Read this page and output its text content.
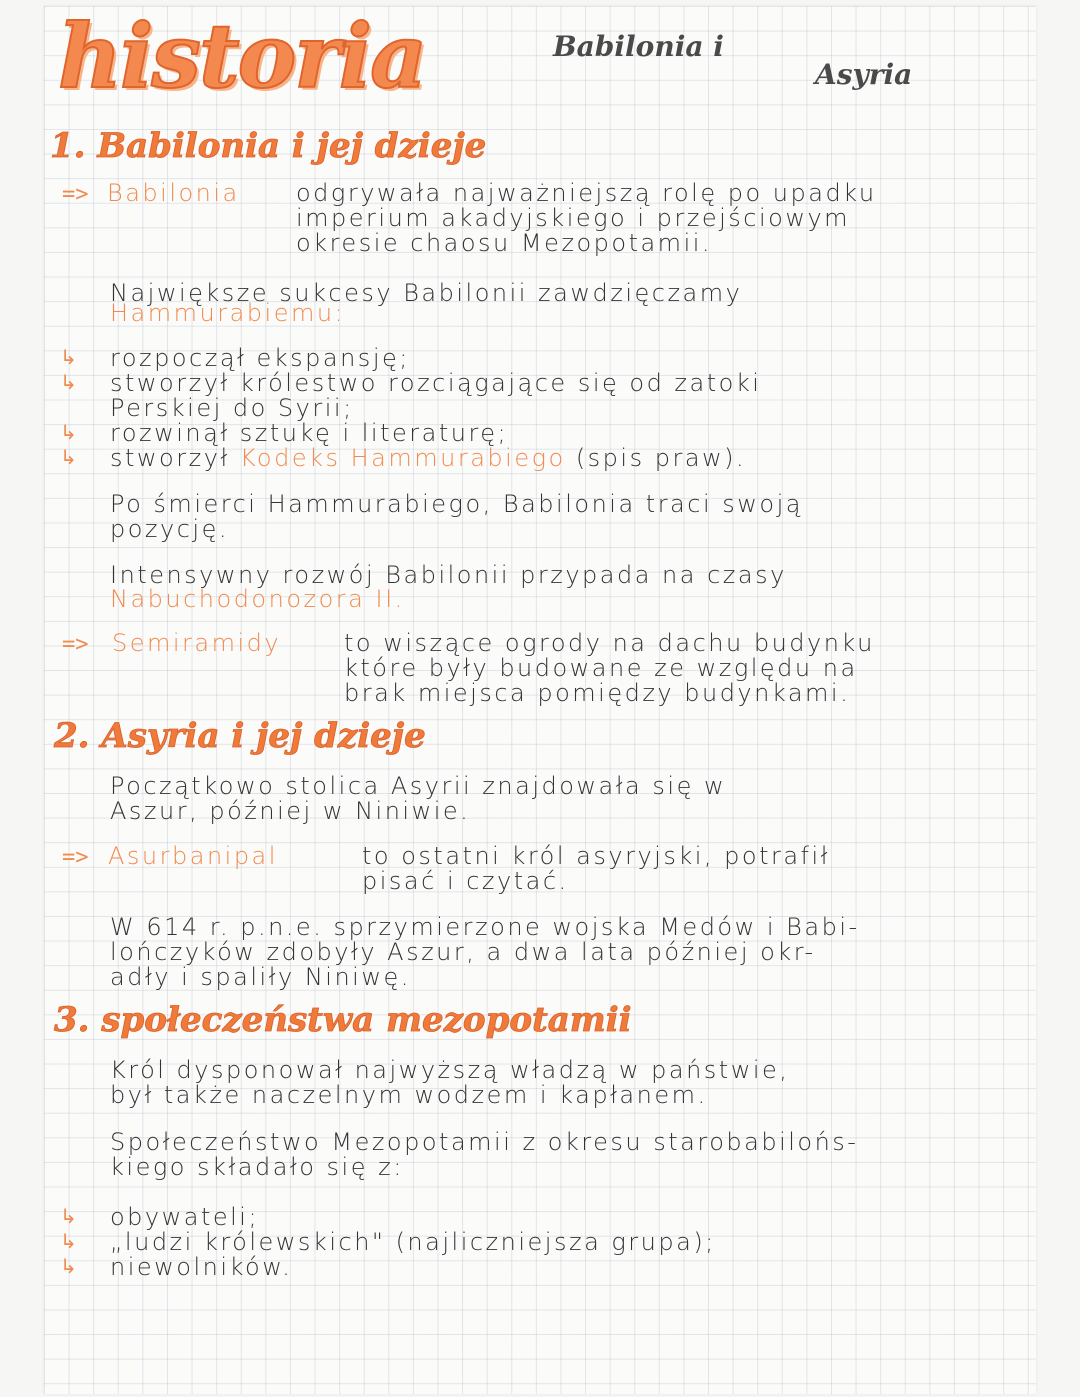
historia	Babilonia i
Asyria
1. Babilonia i jej dzieje
=> Babilonia odgrywała najważniejszą rolę po upadku
imperium akadyjskiego i przejściowym
okresie chaosu Mezopotamii.
Największe sukcesy Babilonii zawdzięczamy
Hammurabiemu:
↳ rozpoczął ekspansję;
↳ stworzył królestwo rozciągające się od zatoki
Perskiej do Syrii;
↳ rozwinął sztukę i literaturę;
↳ stworzył Kodeks Hammurabiego (spis praw).
Po śmierci Hammurabiego, Babilonia traci swoją
pozycję.
Intensywny rozwój Babilonii przypada na czasy
Nabuchodonozora II.
=> Semiramidy	to wiszące ogrody na dachu budynku
które były budowane ze względu na
brak miejsca pomiędzy budynkami.
2. Asyria i jej dzieje
Początkowo stolica Asyrii znajdowała się w
Aszur, później w Niniwie.
=> Asurbanipal	to ostatni król asyryjski, potrafił
pisać i czytać.
W 614 r. p.n.e. sprzymierzone wojska Medów i Babi-
lończyków zdobyły Aszur, a dwa lata później okr-
adły i spaliły Niniwę.
3. społeczeństwa mezopotamii
Król dysponował najwyższą władzą w państwie,
był także naczelnym wodzem i kapłanem.
Społeczeństwo Mezopotamii z okresu starobabilońs-
kiego składało się z:
↳ obywateli;
↳ „ludzi królewskich" (najliczniejsza grupa);
↳ niewolników.
